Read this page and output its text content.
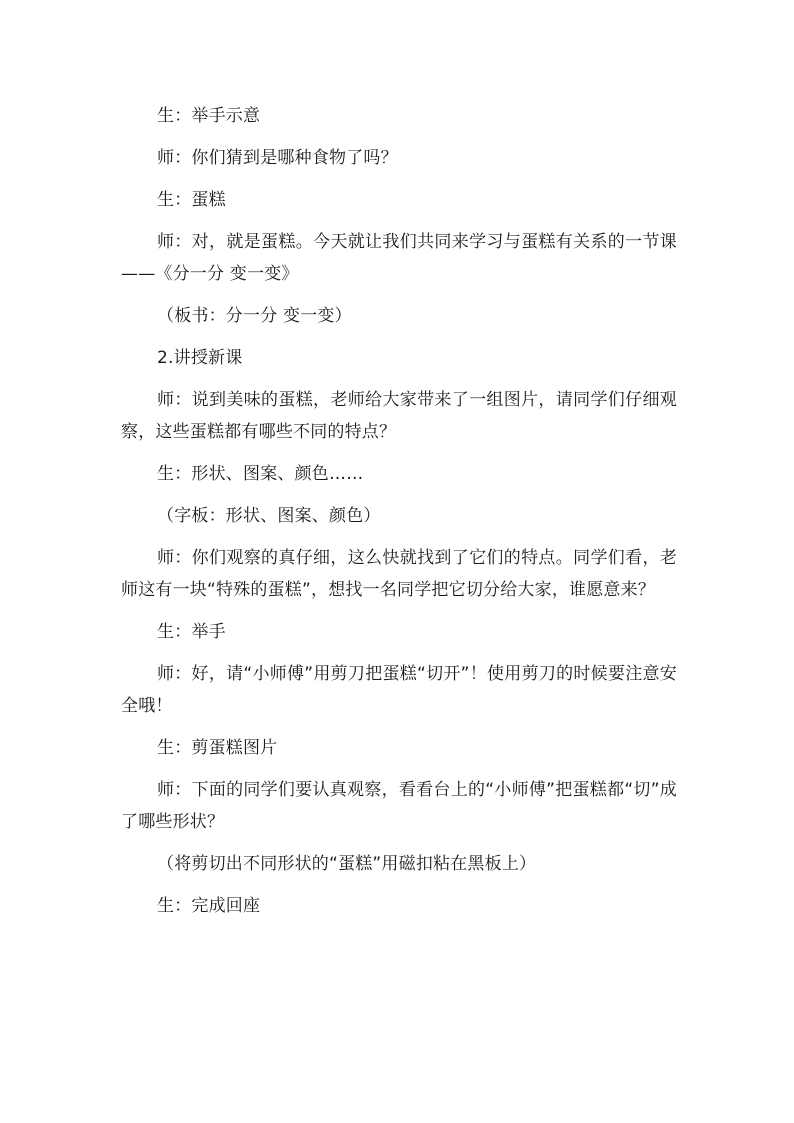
生：举手示意

师：你们猜到是哪种食物了吗？

生：蛋糕

师：对，就是蛋糕。今天就让我们共同来学习与蛋糕有关系的一节课——《分一分 变一变》

（板书：分一分 变一变）

2.讲授新课

师：说到美味的蛋糕，老师给大家带来了一组图片，请同学们仔细观察，这些蛋糕都有哪些不同的特点？

生：形状、图案、颜色……

（字板：形状、图案、颜色）

师：你们观察的真仔细，这么快就找到了它们的特点。同学们看，老师这有一块“特殊的蛋糕”，想找一名同学把它切分给大家，谁愿意来？

生：举手

师：好，请“小师傅”用剪刀把蛋糕“切开”！使用剪刀的时候要注意安全哦！

生：剪蛋糕图片

师：下面的同学们要认真观察，看看台上的“小师傅”把蛋糕都“切”成了哪些形状？

（将剪切出不同形状的“蛋糕”用磁扣粘在黑板上）

生：完成回座
